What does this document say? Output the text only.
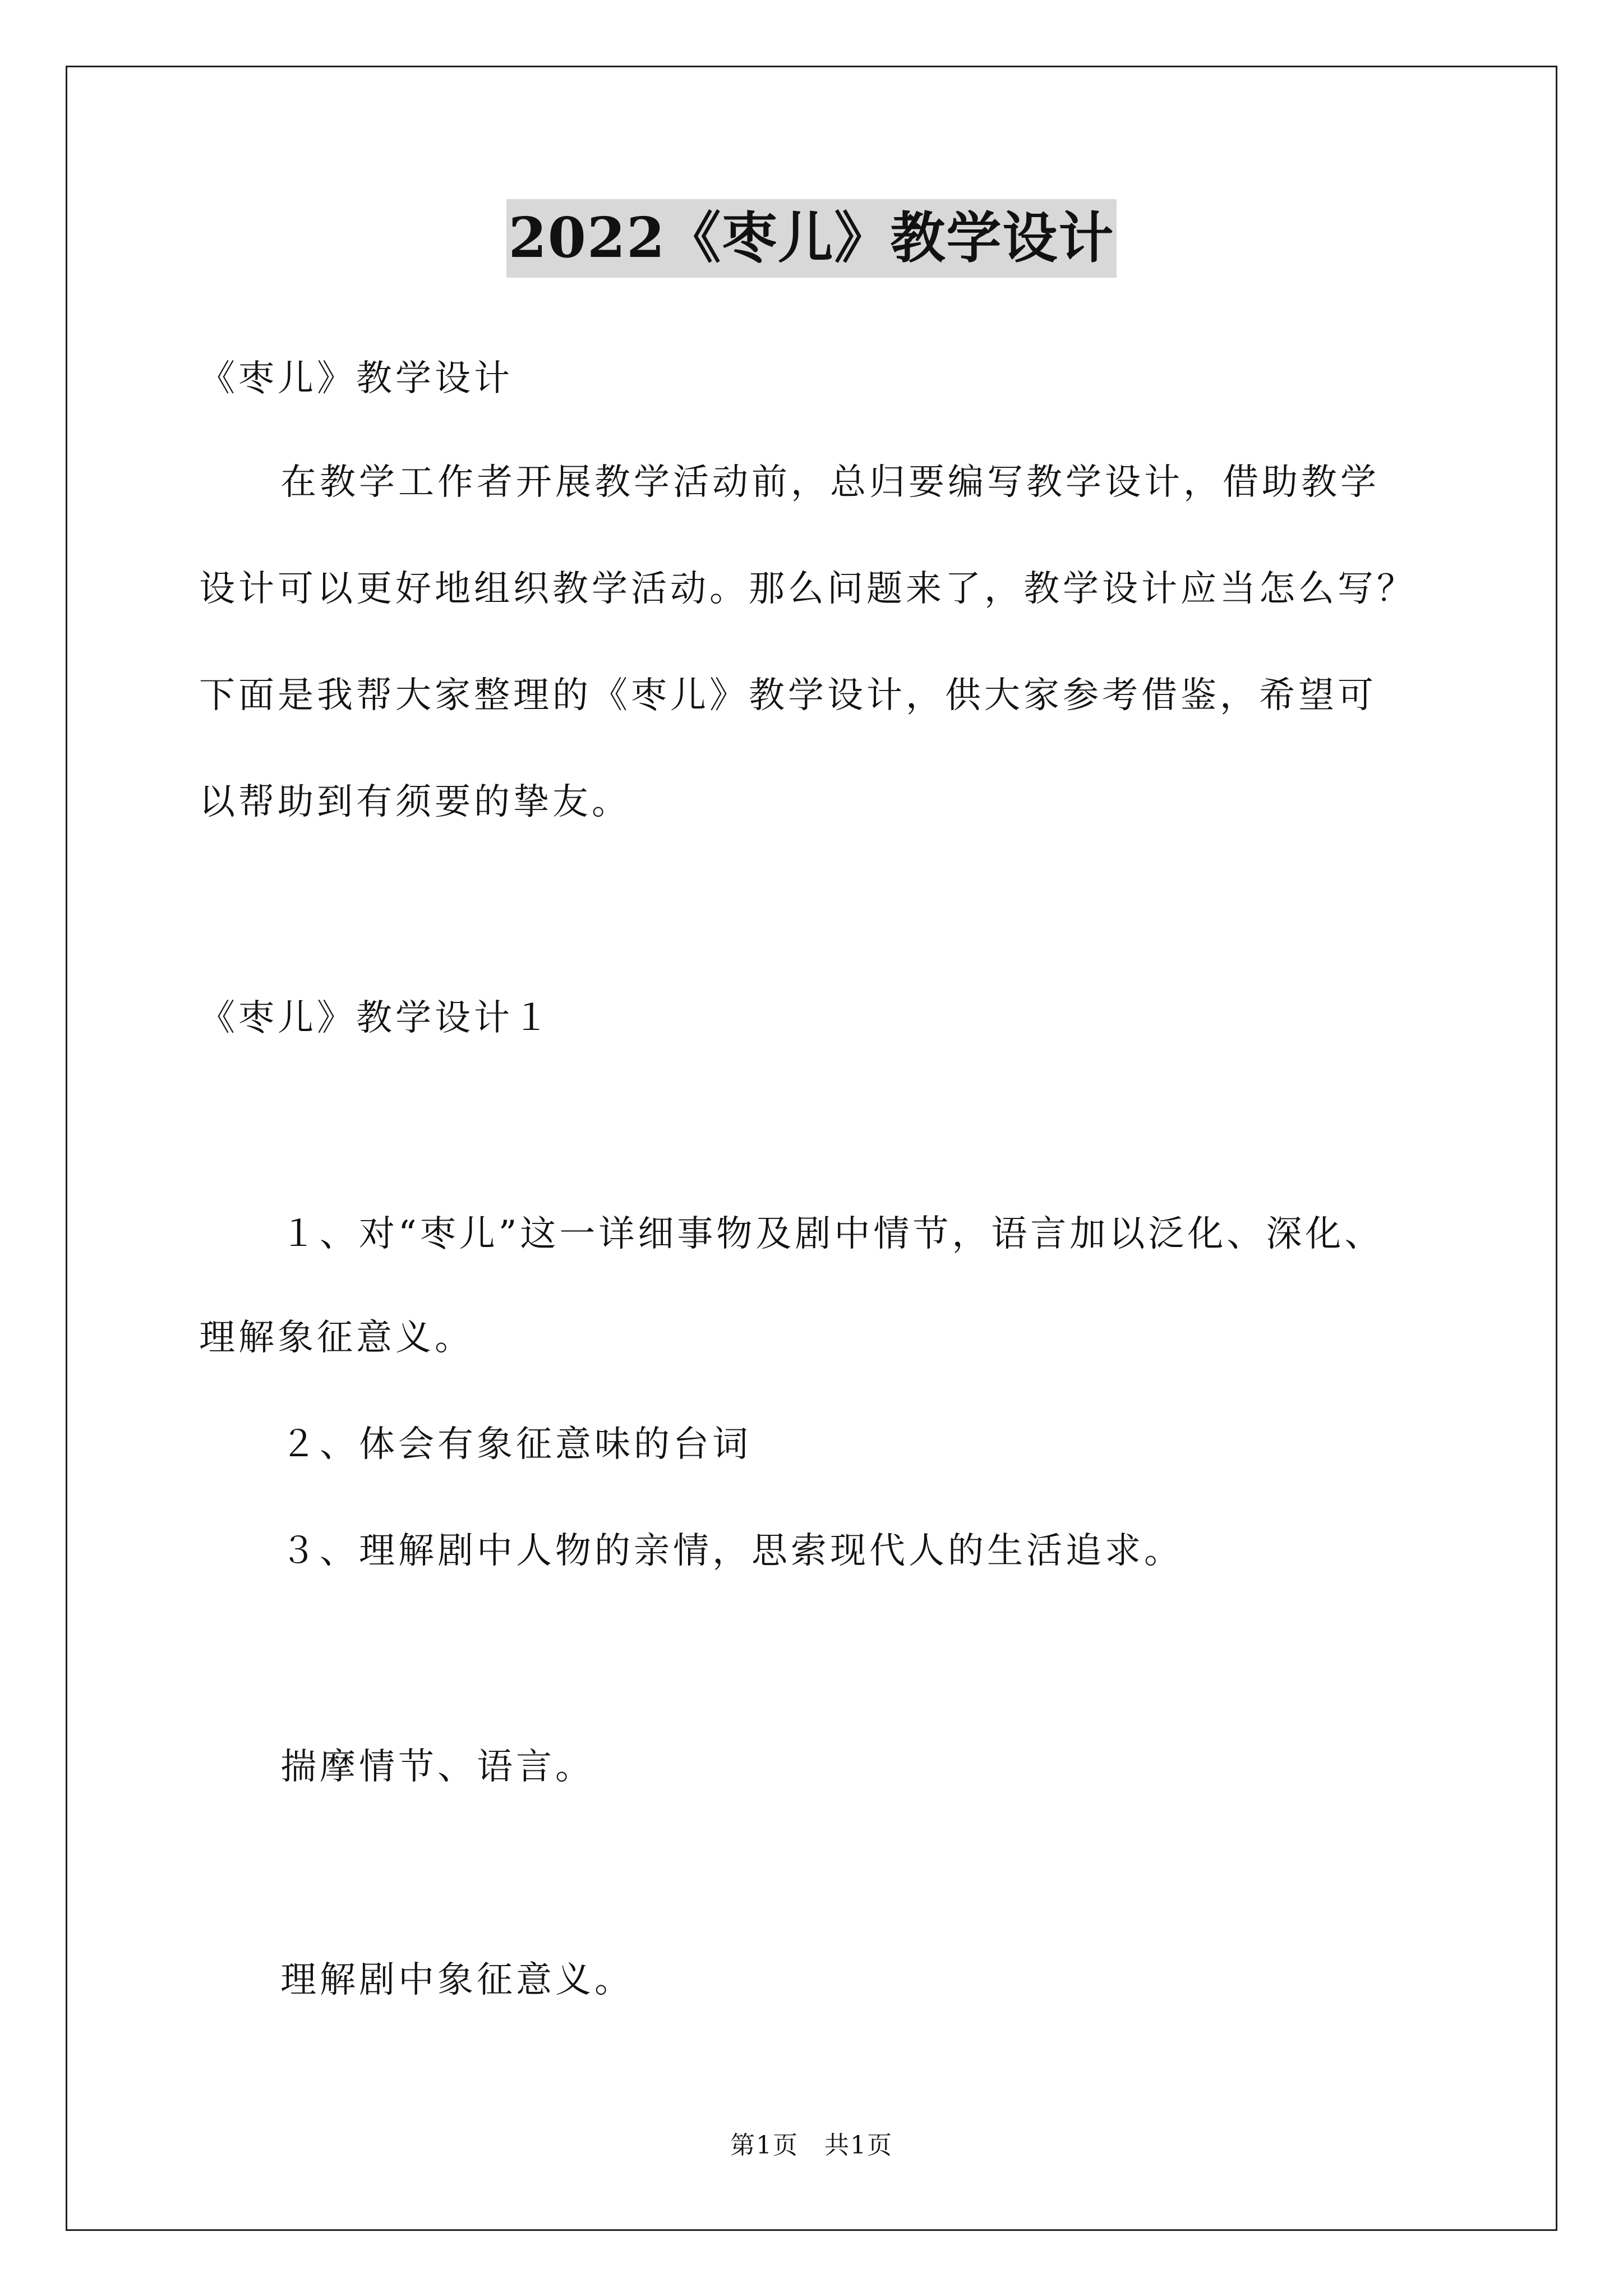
2022《枣儿》教学设计
《枣儿》教学设计
在教学工作者开展教学活动前，总归要编写教学设计，借助教学
设计可以更好地组织教学活动。那么问题来了，教学设计应当怎么写？
下面是我帮大家整理的《枣儿》教学设计，供大家参考借鉴，希望可
以帮助到有须要的挚友。
《枣儿》教学设计１
１、对“枣儿”这一详细事物及剧中情节，语言加以泛化、深化、
理解象征意义。
２、体会有象征意味的台词
３、理解剧中人物的亲情，思索现代人的生活追求。
揣摩情节、语言。
理解剧中象征意义。
第1页　共1页
